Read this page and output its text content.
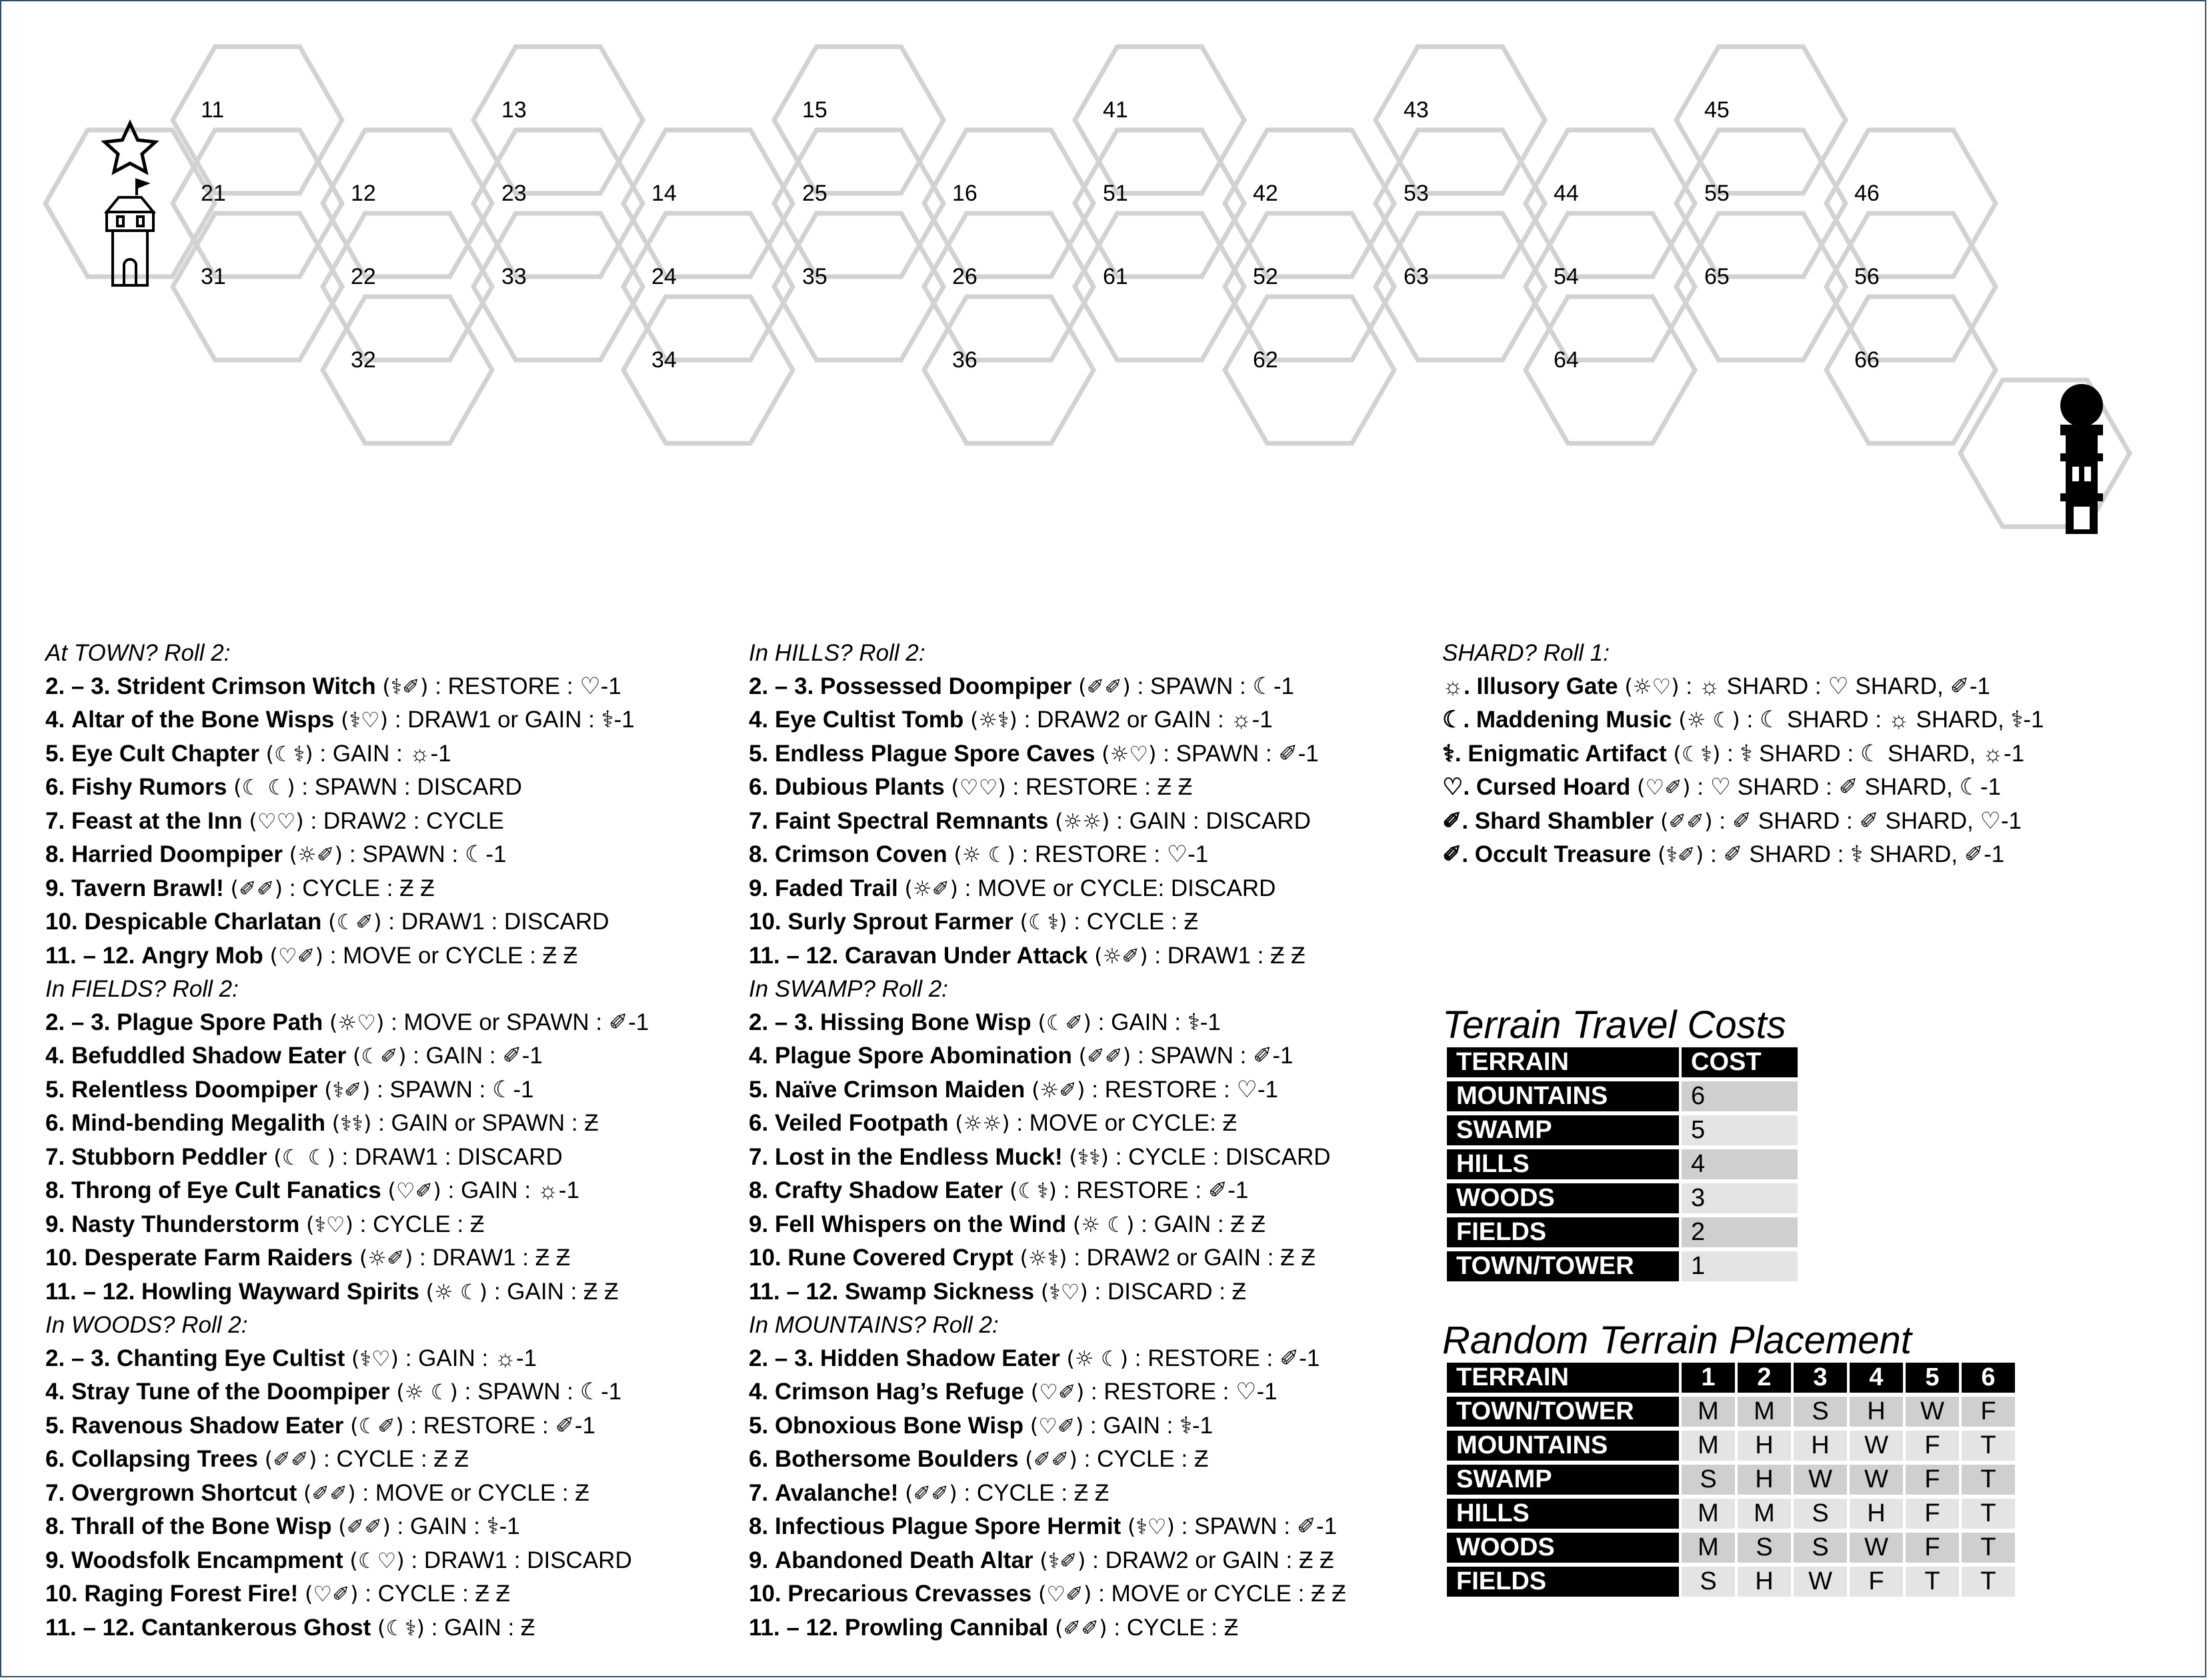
11
12
21
22
31
32
13
14
23
24
33
34
15
16
25
26
35
36
41
42
51
52
61
62
43
44
53
54
63
64
45
46
55
56
65
66
At TOWN? Roll 2:
2. – 3. Strident Crimson Witch (⚕✐) : RESTORE : ♡-1
4. Altar of the Bone Wisps (⚕♡) : DRAW1 or GAIN : ⚕-1
5. Eye Cult Chapter (☾⚕) : GAIN : ☼-1
6. Fishy Rumors (☾ ☾) : SPAWN : DISCARD
7. Feast at the Inn (♡♡) : DRAW2 : CYCLE
8. Harried Doompiper (☼✐) : SPAWN : ☾-1
9. Tavern Brawl! (✐✐) : CYCLE : Ƶ Ƶ
10. Despicable Charlatan (☾✐) : DRAW1 : DISCARD
11. – 12. Angry Mob (♡✐) : MOVE or CYCLE : Ƶ Ƶ
In FIELDS? Roll 2:
2. – 3. Plague Spore Path (☼♡) : MOVE or SPAWN : ✐-1
4. Befuddled Shadow Eater (☾✐) : GAIN : ✐-1
5. Relentless Doompiper (⚕✐) : SPAWN : ☾-1
6. Mind-bending Megalith (⚕⚕) : GAIN or SPAWN : Ƶ
7. Stubborn Peddler (☾ ☾) : DRAW1 : DISCARD
8. Throng of Eye Cult Fanatics (♡✐) : GAIN : ☼-1
9. Nasty Thunderstorm (⚕♡) : CYCLE : Ƶ
10. Desperate Farm Raiders (☼✐) : DRAW1 : Ƶ Ƶ
11. – 12. Howling Wayward Spirits (☼ ☾) : GAIN : Ƶ Ƶ
In WOODS? Roll 2:
2. – 3. Chanting Eye Cultist (⚕♡) : GAIN : ☼-1
4. Stray Tune of the Doompiper (☼ ☾) : SPAWN : ☾-1
5. Ravenous Shadow Eater (☾✐) : RESTORE : ✐-1
6. Collapsing Trees (✐✐) : CYCLE : Ƶ Ƶ
7. Overgrown Shortcut (✐✐) : MOVE or CYCLE : Ƶ
8. Thrall of the Bone Wisp (✐✐) : GAIN : ⚕-1
9. Woodsfolk Encampment (☾♡) : DRAW1 : DISCARD
10. Raging Forest Fire! (♡✐) : CYCLE : Ƶ Ƶ
11. – 12. Cantankerous Ghost (☾⚕) : GAIN : Ƶ
In HILLS? Roll 2:
2. – 3. Possessed Doompiper (✐✐) : SPAWN : ☾-1
4. Eye Cultist Tomb (☼⚕) : DRAW2 or GAIN : ☼-1
5. Endless Plague Spore Caves (☼♡) : SPAWN : ✐-1
6. Dubious Plants (♡♡) : RESTORE : Ƶ Ƶ
7. Faint Spectral Remnants (☼☼) : GAIN : DISCARD
8. Crimson Coven (☼ ☾) : RESTORE : ♡-1
9. Faded Trail (☼✐) : MOVE or CYCLE: DISCARD
10. Surly Sprout Farmer (☾⚕) : CYCLE : Ƶ
11. – 12. Caravan Under Attack (☼✐) : DRAW1 : Ƶ Ƶ
In SWAMP? Roll 2:
2. – 3. Hissing Bone Wisp (☾✐) : GAIN : ⚕-1
4. Plague Spore Abomination (✐✐) : SPAWN : ✐-1
5. Naïve Crimson Maiden (☼✐) : RESTORE : ♡-1
6. Veiled Footpath (☼☼) : MOVE or CYCLE: Ƶ
7. Lost in the Endless Muck! (⚕⚕) : CYCLE : DISCARD
8. Crafty Shadow Eater (☾⚕) : RESTORE : ✐-1
9. Fell Whispers on the Wind (☼ ☾) : GAIN : Ƶ Ƶ
10. Rune Covered Crypt (☼⚕) : DRAW2 or GAIN : Ƶ Ƶ
11. – 12. Swamp Sickness (⚕♡) : DISCARD : Ƶ
In MOUNTAINS? Roll 2:
2. – 3. Hidden Shadow Eater (☼ ☾) : RESTORE : ✐-1
4. Crimson Hag’s Refuge (♡✐) : RESTORE : ♡-1
5. Obnoxious Bone Wisp (♡✐) : GAIN : ⚕-1
6. Bothersome Boulders (✐✐) : CYCLE : Ƶ
7. Avalanche! (✐✐) : CYCLE : Ƶ Ƶ
8. Infectious Plague Spore Hermit (⚕♡) : SPAWN : ✐-1
9. Abandoned Death Altar (⚕✐) : DRAW2 or GAIN : Ƶ Ƶ
10. Precarious Crevasses (♡✐) : MOVE or CYCLE : Ƶ Ƶ
11. – 12. Prowling Cannibal (✐✐) : CYCLE : Ƶ
SHARD? Roll 1:
☼. Illusory Gate (☼♡) : ☼ SHARD : ♡ SHARD, ✐-1
☾. Maddening Music (☼ ☾) : ☾ SHARD : ☼ SHARD, ⚕-1
⚕. Enigmatic Artifact (☾⚕) : ⚕ SHARD : ☾ SHARD, ☼-1
♡. Cursed Hoard (♡✐) : ♡ SHARD : ✐ SHARD, ☾-1
✐. Shard Shambler (✐✐) : ✐ SHARD : ✐ SHARD, ♡-1
✐. Occult Treasure (⚕✐) : ✐ SHARD : ⚕ SHARD, ✐-1
Terrain Travel Costs
TERRAIN	COST
MOUNTAINS	6
SWAMP	5
HILLS	4
WOODS	3
FIELDS	2
TOWN/TOWER	1
Random Terrain Placement
TERRAIN	1	2	3	4	5	6
TOWN/TOWER	M	M	S	H	W	F
MOUNTAINS	M	H	H	W	F	T
SWAMP	S	H	W	W	F	T
HILLS	M	M	S	H	F	T
WOODS	M	S	S	W	F	T
FIELDS	S	H	W	F	T	T
